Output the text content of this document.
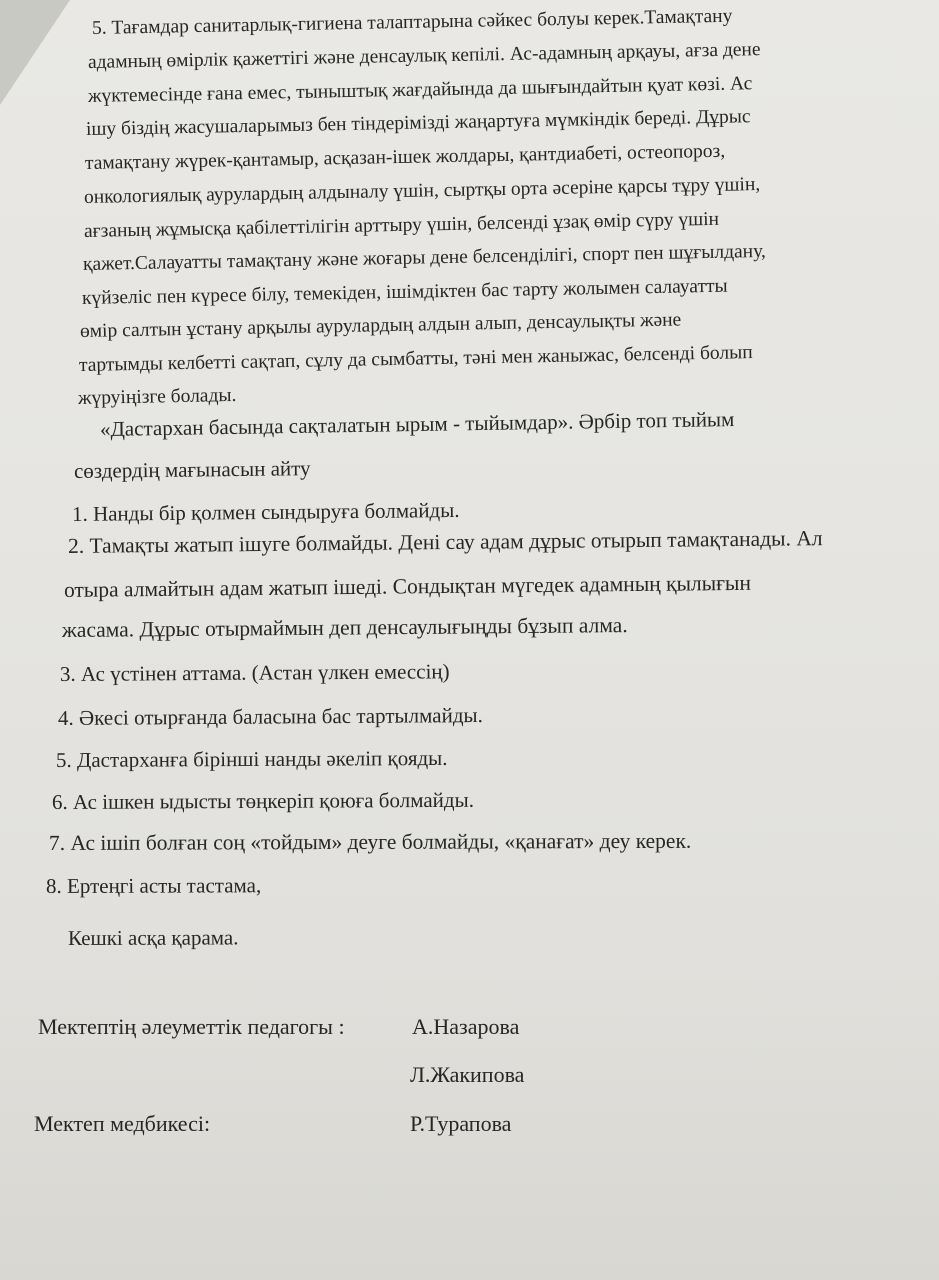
5. Тағамдар санитарлық-гигиена талаптарына сәйкес болуы керек.Тамақтану
адамның өмірлік қажеттігі және денсаулық кепілі. Ас-адамның арқауы, ағза дене
жүктемесінде ғана емес, тыныштық жағдайында да шығындайтын қуат көзі. Ас
ішу біздің жасушаларымыз бен тіндерімізді жаңартуға мүмкіндік береді. Дұрыс
тамақтану жүрек-қантамыр, асқазан-ішек жолдары, қантдиабеті, остеопороз,
онкологиялық аурулардың алдыналу үшін, сыртқы орта әсеріне қарсы тұру үшін,
ағзаның жұмысқа қабілеттілігін арттыру үшін, белсенді ұзақ өмір сүру үшін
қажет.Салауатты тамақтану және жоғары дене белсенділігі, спорт пен шұғылдану,
күйзеліс пен күресе білу, темекіден, ішімдіктен бас тарту жолымен салауатты
өмір салтын ұстану арқылы аурулардың алдын алып, денсаулықты және
тартымды келбетті сақтап, сұлу да сымбатты, тәні мен жаныжас, белсенді болып
жүруіңізге болады.
«Дастархан басында сақталатын ырым - тыйымдар». Әрбір топ тыйым
сөздердің мағынасын айту
1. Нанды бір қолмен сындыруға болмайды.
2. Тамақты жатып ішуге болмайды. Дені сау адам дұрыс отырып тамақтанады. Ал
отыра алмайтын адам жатып ішеді. Сондықтан мүгедек адамның қылығын
жасама. Дұрыс отырмаймын деп денсаулығыңды бұзып алма.
3. Ас үстінен аттама. (Астан үлкен емессің)
4. Әкесі отырғанда баласына бас тартылмайды.
5. Дастарханға бірінші нанды әкеліп қояды.
6. Ас ішкен ыдысты төңкеріп қоюға болмайды.
7. Ас ішіп болған соң «тойдым» деуге болмайды, «қанағат» деу керек.
8. Ертеңгі асты тастама,
Кешкі асқа қарама.
Мектептің әлеуметтік педагогы :	А.Назарова
Л.Жакипова
Мектеп медбикесі:	Р.Турапова
